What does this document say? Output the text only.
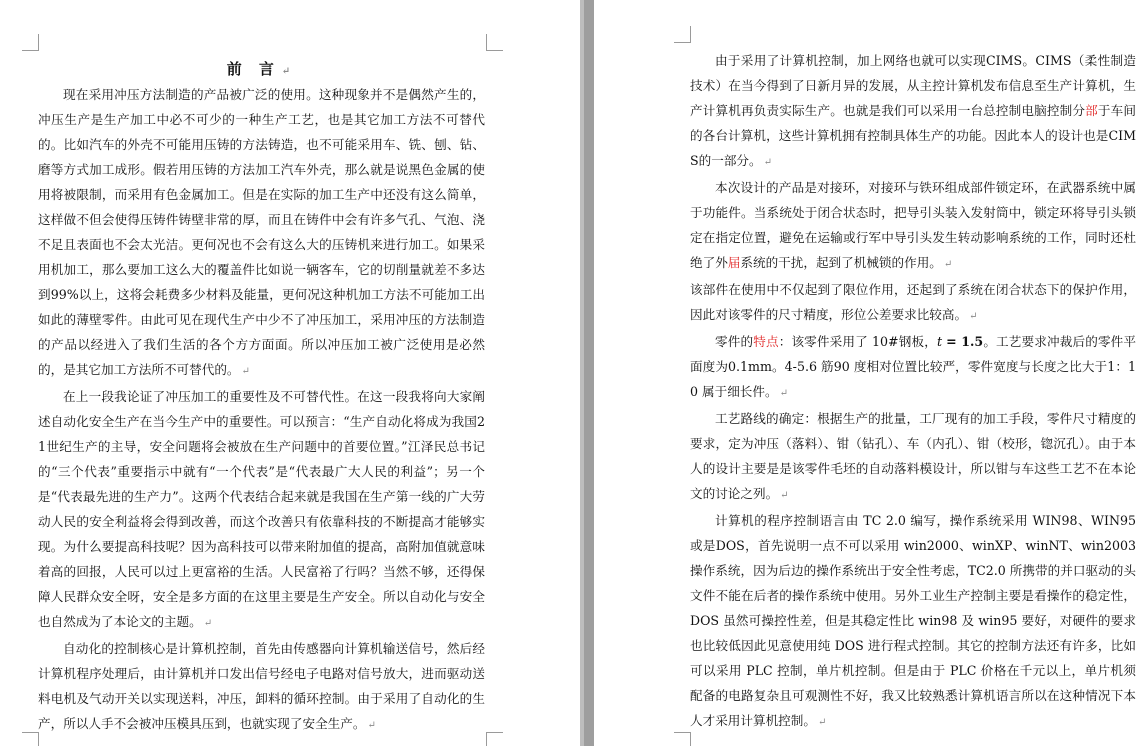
前 言 ↵

现在采用冲压方法制造的产品被广泛的使用。这种现象并不是偶然产生的，冲压生产是生产加工中必不可少的一种生产工艺，也是其它加工方法不可替代的。比如汽车的外壳不可能用压铸的方法铸造，也不可能采用车、铣、刨、钻、磨等方式加工成形。假若用压铸的方法加工汽车外壳，那么就是说黑色金属的使用将被限制，而采用有色金属加工。但是在实际的加工生产中还没有这么简单，这样做不但会使得压铸件铸壁非常的厚，而且在铸件中会有许多气孔、气泡、浇不足且表面也不会太光洁。更何况也不会有这么大的压铸机来进行加工。如果采用机加工，那么要加工这么大的覆盖件比如说一辆客车，它的切削量就差不多达到99%以上，这将会耗费多少材料及能量，更何况这种机加工方法不可能加工出如此的薄壁零件。由此可见在现代生产中少不了冲压加工，采用冲压的方法制造的产品以经进入了我们生活的各个方方面面。所以冲压加工被广泛使用是必然的，是其它加工方法所不可替代的。 ↵

在上一段我论证了冲压加工的重要性及不可替代性。在这一段我将向大家阐述自动化安全生产在当今生产中的重要性。可以预言：“生产自动化将成为我国21世纪生产的主导，安全问题将会被放在生产问题中的首要位置。”江泽民总书记的“三个代表”重要指示中就有“一个代表”是“代表最广大人民的利益”；另一个是“代表最先进的生产力”。这两个代表结合起来就是我国在生产第一线的广大劳动人民的安全利益将会得到改善，而这个改善只有依靠科技的不断提高才能够实现。为什么要提高科技呢？因为高科技可以带来附加值的提高，高附加值就意味着高的回报，人民可以过上更富裕的生活。人民富裕了行吗？当然不够，还得保障人民群众安全呀，安全是多方面的在这里主要是生产安全。所以自动化与安全也自然成为了本论文的主题。 ↵

自动化的控制核心是计算机控制，首先由传感器向计算机输送信号，然后经计算机程序处理后，由计算机并口发出信号经电子电路对信号放大，进而驱动送料电机及气动开关以实现送料，冲压，卸料的循环控制。由于采用了自动化的生产，所以人手不会被冲压模具压到，也就实现了安全生产。 ↵

由于采用了计算机控制，加上网络也就可以实现CIMS。CIMS（柔性制造技术）在当今得到了日新月异的发展，从主控计算机发布信息至生产计算机，生产计算机再负责实际生产。也就是我们可以采用一台总控制电脑控制分部于车间的各台计算机，这些计算机拥有控制具体生产的功能。因此本人的设计也是CIMS的一部分。 ↵

本次设计的产品是对接环，对接环与铁环组成部件锁定环，在武器系统中属于功能件。当系统处于闭合状态时，把导引头装入发射筒中，锁定环将导引头锁定在指定位置，避免在运输或行军中导引头发生转动影响系统的工作，同时还杜绝了外届系统的干扰，起到了机械锁的作用。 ↵

该部件在使用中不仅起到了限位作用，还起到了系统在闭合状态下的保护作用，因此对该零件的尺寸精度，形位公差要求比较高。 ↵

零件的特点：该零件采用了 10#钢板，t = 1.5。工艺要求冲裁后的零件平面度为0.1mm。4-5.6 筋90 度相对位置比较严，零件宽度与长度之比大于1：10 属于细长件。 ↵

工艺路线的确定：根据生产的批量，工厂现有的加工手段，零件尺寸精度的要求，定为冲压（落料）、钳（钻孔）、车（内孔）、钳（校形，锪沉孔）。由于本人的设计主要是是该零件毛坯的自动落料模设计，所以钳与车这些工艺不在本论文的讨论之列。 ↵

计算机的程序控制语言由 TC 2.0 编写，操作系统采用 WIN98、WIN95 或是DOS，首先说明一点不可以采用 win2000、winXP、winNT、win2003 操作系统，因为后边的操作系统出于安全性考虑，TC2.0 所携带的并口驱动的头文件不能在后者的操作系统中使用。另外工业生产控制主要是看操作的稳定性，DOS 虽然可操控性差，但是其稳定性比 win98 及 win95 要好，对硬件的要求也比较低因此见意使用纯 DOS 进行程式控制。其它的控制方法还有许多，比如可以采用 PLC 控制，单片机控制。但是由于 PLC 价格在千元以上，单片机须配备的电路复杂且可观测性不好，我又比较熟悉计算机语言所以在这种情况下本人才采用计算机控制。 ↵
